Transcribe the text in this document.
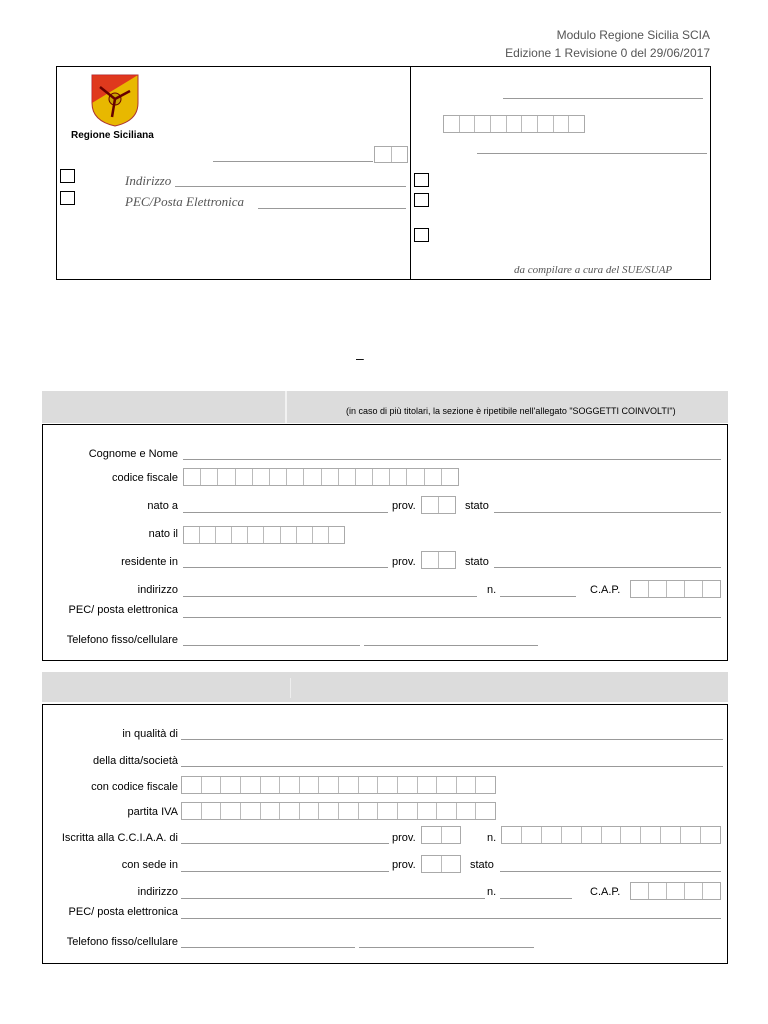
Modulo Regione Sicilia SCIA
Edizione 1 Revisione 0 del 29/06/2017
Regione Siciliana
Indirizzo
PEC/Posta Elettronica
da compilare a cura del SUE/SUAP
–
(in caso di più titolari, la sezione è ripetibile nell'allegato "SOGGETTI COINVOLTI")
Cognome e Nome
codice fiscale
nato a	prov.	stato
nato il
residente in	prov.	stato
indirizzo	n.	C.A.P.
PEC/ posta elettronica
Telefono fisso/cellulare
in qualità di
della ditta/società
con codice fiscale
partita IVA
Iscritta alla C.C.I.A.A. di	prov.	n.
con sede in	prov.	stato
indirizzo	n.	C.A.P.
PEC/ posta elettronica
Telefono fisso/cellulare
